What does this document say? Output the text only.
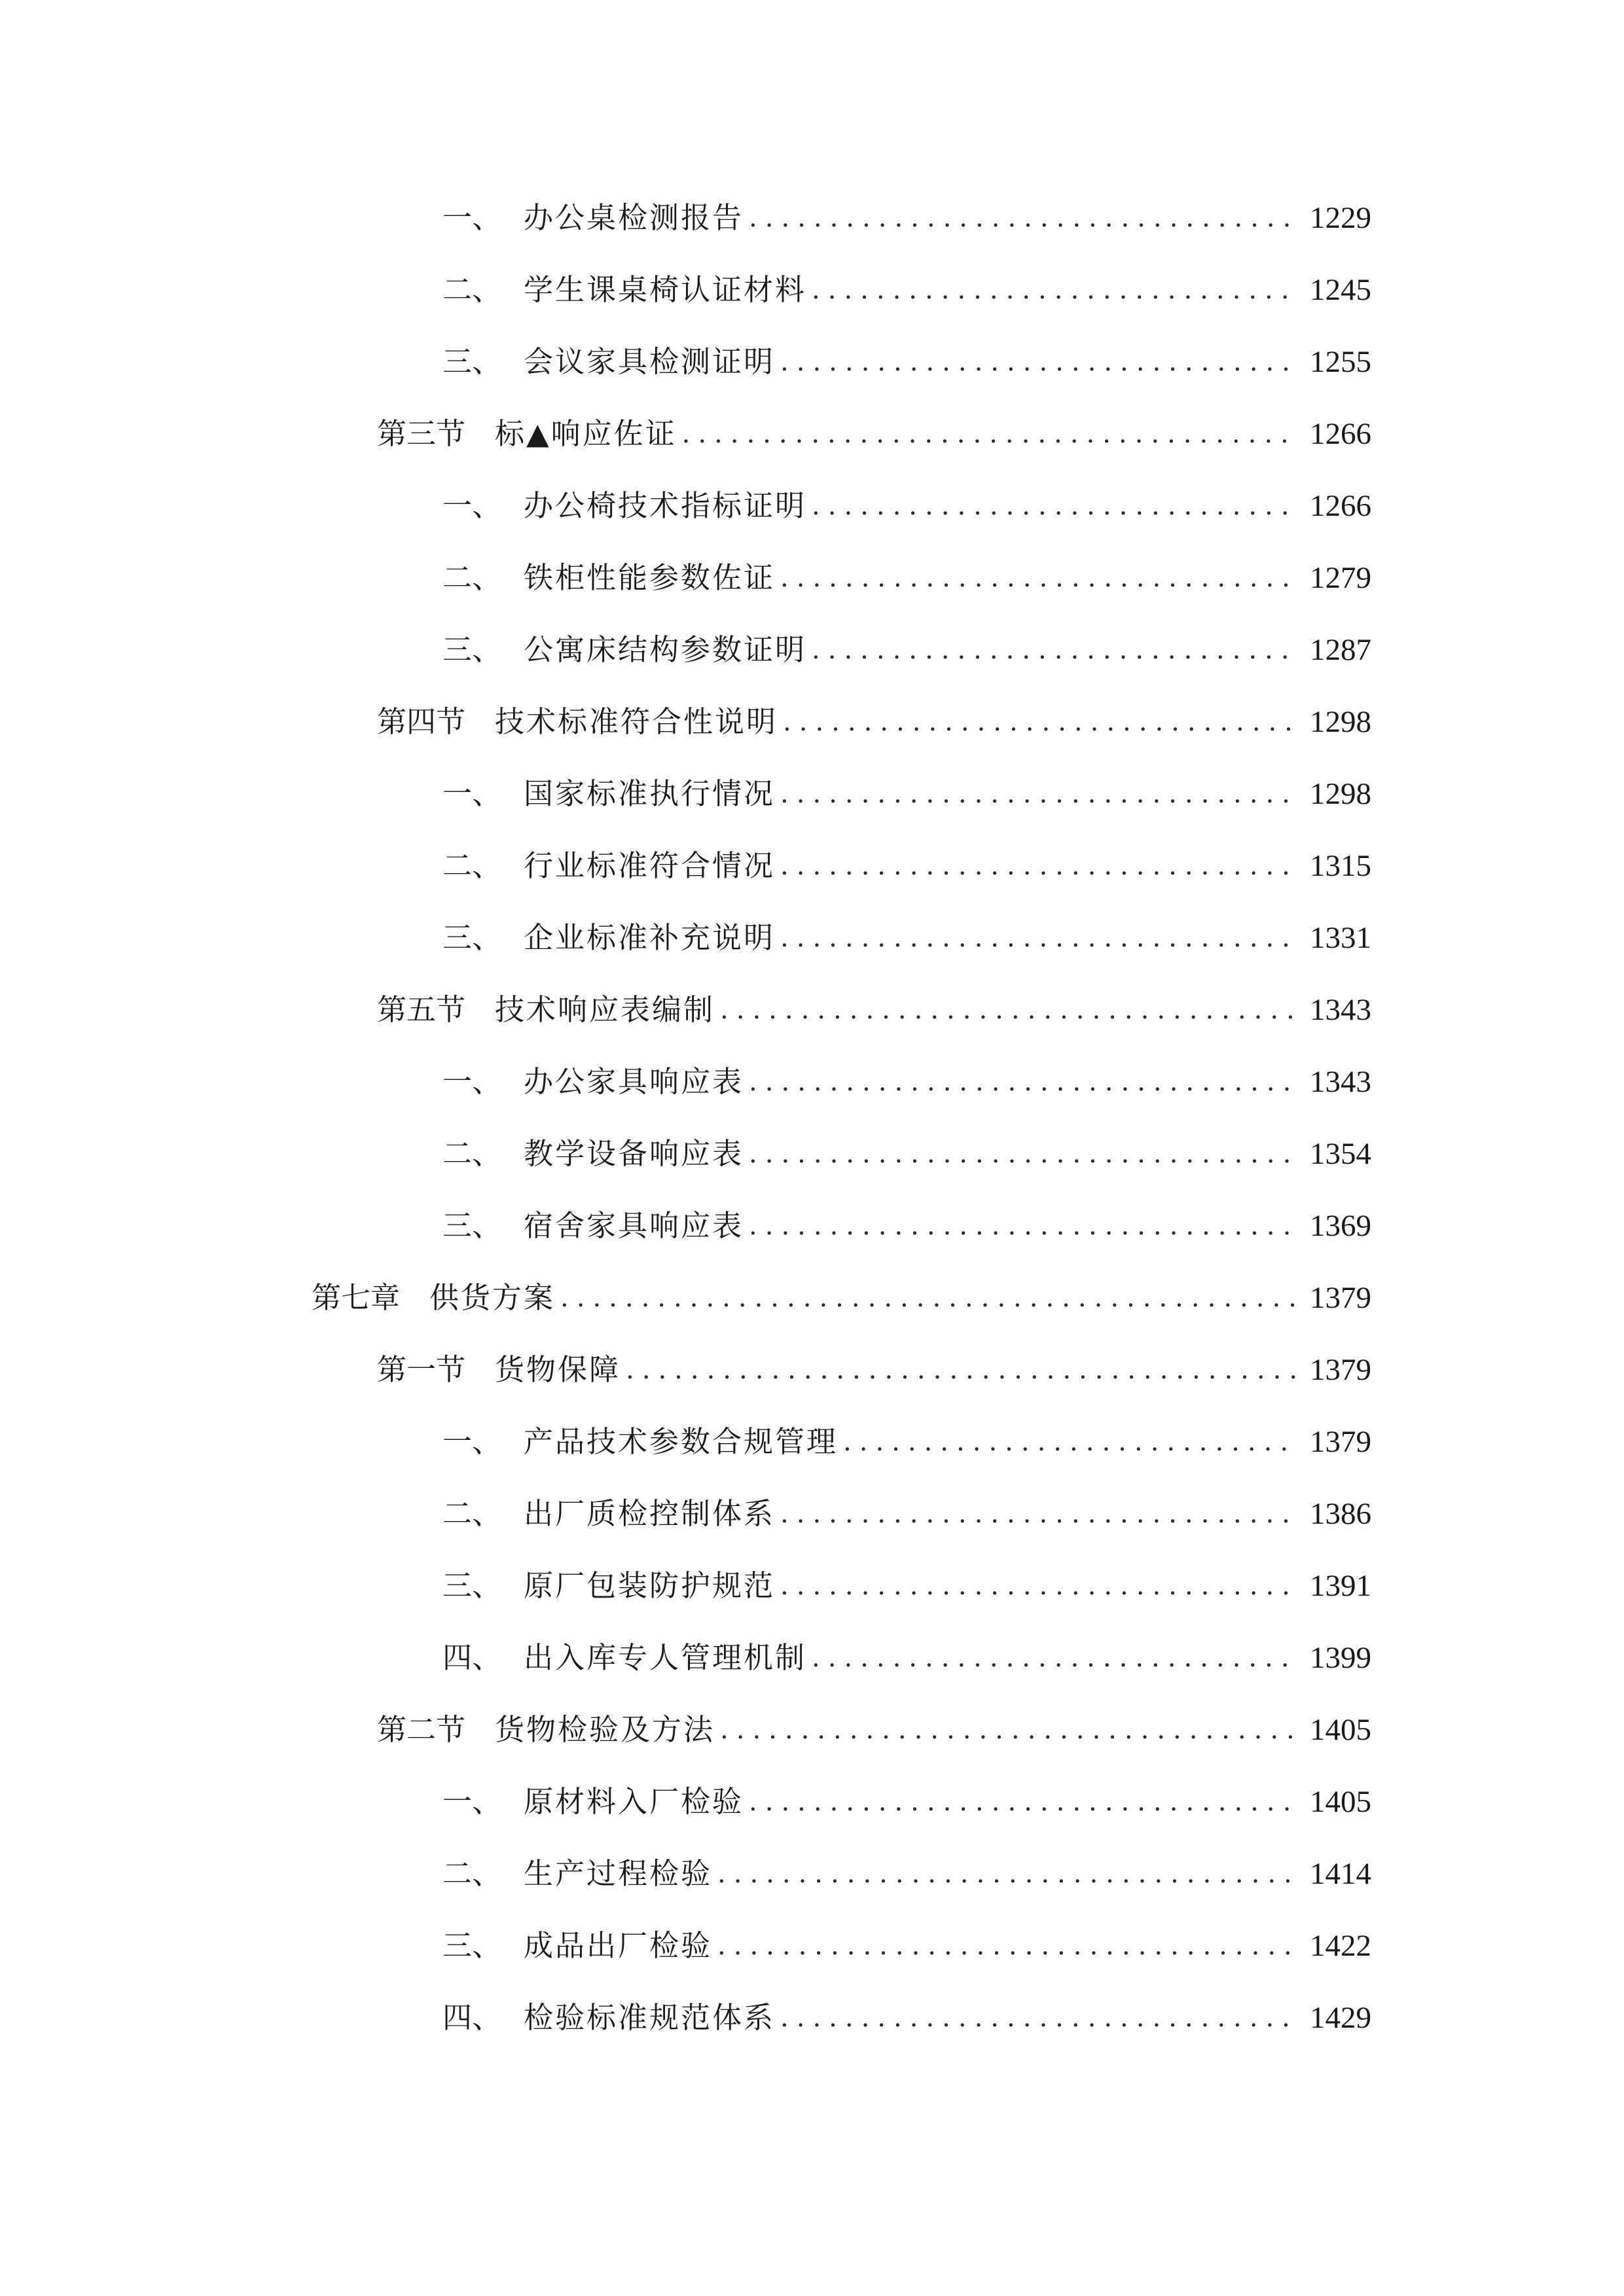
一、 办公桌检测报告 .....	1229
二、 学生课桌椅认证材料 .....	1245
三、 会议家具检测证明 .....	1255
第三节 标▲响应佐证 .....	1266
一、 办公椅技术指标证明 .....	1266
二、 铁柜性能参数佐证 .....	1279
三、 公寓床结构参数证明 .....	1287
第四节 技术标准符合性说明 .....	1298
一、 国家标准执行情况 .....	1298
二、 行业标准符合情况 .....	1315
三、 企业标准补充说明 .....	1331
第五节 技术响应表编制 .....	1343
一、 办公家具响应表 .....	1343
二、 教学设备响应表 .....	1354
三、 宿舍家具响应表 .....	1369
第七章 供货方案 .....	1379
第一节 货物保障 .....	1379
一、 产品技术参数合规管理 .....	1379
二、 出厂质检控制体系 .....	1386
三、 原厂包装防护规范 .....	1391
四、 出入库专人管理机制 .....	1399
第二节 货物检验及方法 .....	1405
一、 原材料入厂检验 .....	1405
二、 生产过程检验 .....	1414
三、 成品出厂检验 .....	1422
四、 检验标准规范体系 .....	1429
